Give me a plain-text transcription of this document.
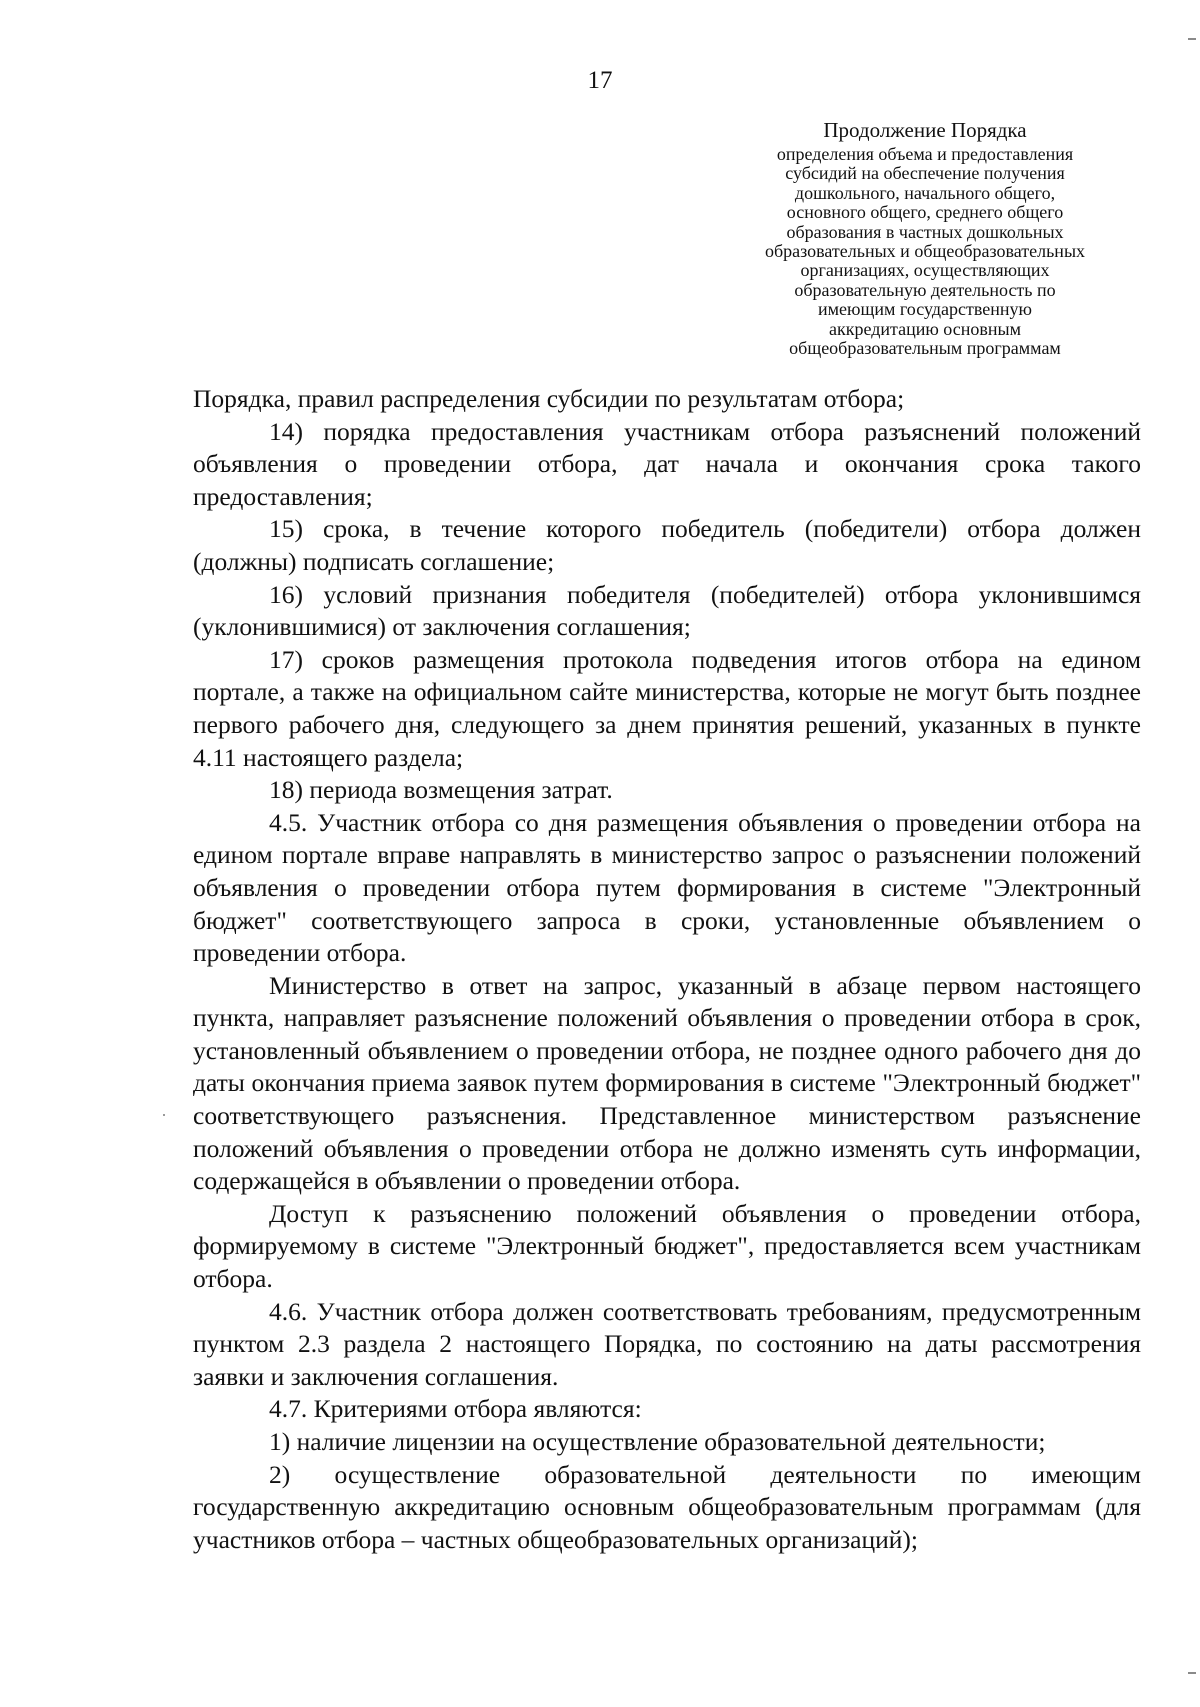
17
Продолжение Порядка
определения объема и предоставления
субсидий на обеспечение получения
дошкольного, начального общего,
основного общего, среднего общего
образования в частных дошкольных
образовательных и общеобразовательных
организациях, осуществляющих
образовательную деятельность по
имеющим государственную
аккредитацию основным
общеобразовательным программам

Порядка, правил распределения субсидии по результатам отбора;

14) порядка предоставления участникам отбора разъяснений положений объявления о проведении отбора, дат начала и окончания срока такого предоставления;

15) срока, в течение которого победитель (победители) отбора должен (должны) подписать соглашение;

16) условий признания победителя (победителей) отбора уклонившимся (уклонившимися) от заключения соглашения;

17) сроков размещения протокола подведения итогов отбора на едином портале, а также на официальном сайте министерства, которые не могут быть позднее первого рабочего дня, следующего за днем принятия решений, указанных в пункте 4.11 настоящего раздела;

18) периода возмещения затрат.

4.5. Участник отбора со дня размещения объявления о проведении отбора на едином портале вправе направлять в министерство запрос о разъяснении положений объявления о проведении отбора путем формирования в системе "Электронный бюджет" соответствующего запроса в сроки, установленные объявлением о проведении отбора.

Министерство в ответ на запрос, указанный в абзаце первом настоящего пункта, направляет разъяснение положений объявления о проведении отбора в срок, установленный объявлением о проведении отбора, не позднее одного рабочего дня до даты окончания приема заявок путем формирования в системе "Электронный бюджет" соответствующего разъяснения. Представленное министерством разъяснение положений объявления о проведении отбора не должно изменять суть информации, содержащейся в объявлении о проведении отбора.

Доступ к разъяснению положений объявления о проведении отбора, формируемому в системе "Электронный бюджет", предоставляется всем участникам отбора.

4.6. Участник отбора должен соответствовать требованиям, предусмотренным пунктом 2.3 раздела 2 настоящего Порядка, по состоянию на даты рассмотрения заявки и заключения соглашения.

4.7. Критериями отбора являются:

1) наличие лицензии на осуществление образовательной деятельности;

2) осуществление образовательной деятельности по имеющим государственную аккредитацию основным общеобразовательным программам (для участников отбора – частных общеобразовательных организаций);
